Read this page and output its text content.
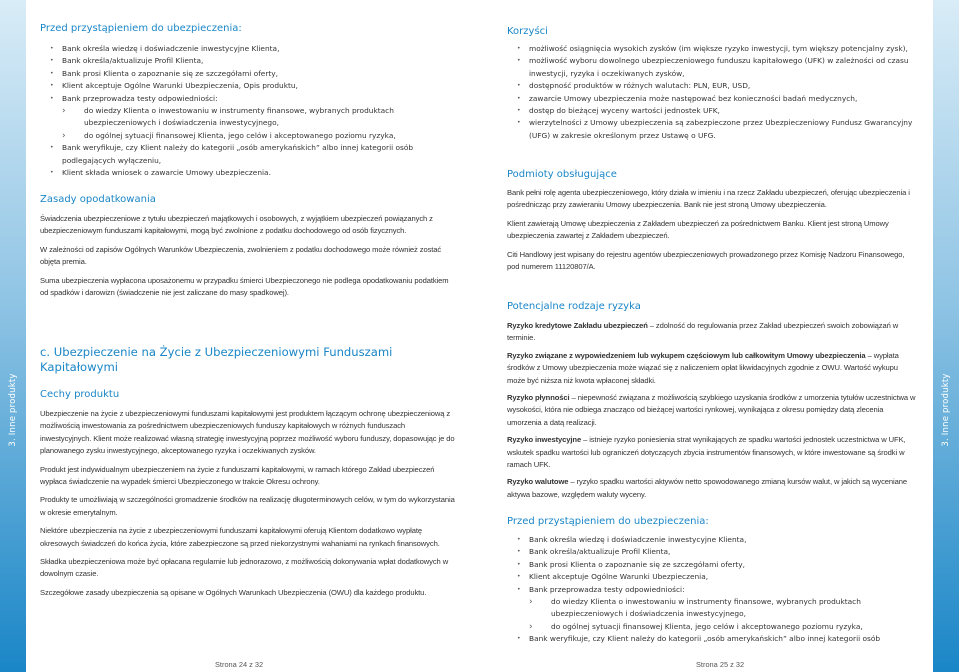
3. Inne produkty
Przed przystąpieniem do ubezpieczenia:
• Bank określa wiedzę i doświadczenie inwestycyjne Klienta,
• Bank określa/aktualizuje Profil Klienta,
• Bank prosi Klienta o zapoznanie się ze szczegółami oferty,
• Klient akceptuje Ogólne Warunki Ubezpieczenia, Opis produktu,
• Bank przeprowadza testy odpowiedniości:
› do wiedzy Klienta o inwestowaniu w instrumenty finansowe, wybranych produktach ubezpieczeniowych i doświadczenia inwestycyjnego,
› do ogólnej sytuacji finansowej Klienta, jego celów i akceptowanego poziomu ryzyka,
• Bank weryfikuje, czy Klient należy do kategorii „osób amerykańskich” albo innej kategorii osób podlegających wyłączeniu,
• Klient składa wniosek o zawarcie Umowy ubezpieczenia.
Zasady opodatkowania

Świadczenia ubezpieczeniowe z tytułu ubezpieczeń majątkowych i osobowych, z wyjątkiem ubezpieczeń powiązanych z ubezpieczeniowym funduszami kapitałowymi, mogą być zwolnione z podatku dochodowego od osób fizycznych.

W zależności od zapisów Ogólnych Warunków Ubezpieczenia, zwolnieniem z podatku dochodowego może również zostać objęta premia.

Suma ubezpieczenia wypłacona uposażonemu w przypadku śmierci Ubezpieczonego nie podlega opodatkowaniu podatkiem od spadków i darowizn (świadczenie nie jest zaliczane do masy spadkowej).

c. Ubezpieczenie na Życie z Ubezpieczeniowymi Funduszami Kapitałowymi
Cechy produktu

Ubezpieczenie na życie z ubezpieczeniowymi funduszami kapitałowymi jest produktem łączącym ochronę ubezpieczeniową z możliwością inwestowania za pośrednictwem ubezpieczeniowych funduszy kapitałowych w różnych funduszach inwestycyjnych. Klient może realizować własną strategię inwestycyjną poprzez możliwość wyboru funduszy, dopasowując je do planowanego zysku inwestycyjnego, akceptowanego ryzyka i oczekiwanych zysków.

Produkt jest indywidualnym ubezpieczeniem na życie z funduszami kapitałowymi, w ramach którego Zakład ubezpieczeń wypłaca świadczenie na wypadek śmierci Ubezpieczonego w trakcie Okresu ochrony.

Produkty te umożliwiają w szczególności gromadzenie środków na realizację długoterminowych celów, w tym do wykorzystania w okresie emerytalnym.

Niektóre ubezpieczenia na życie z ubezpieczeniowymi funduszami kapitałowymi oferują Klientom dodatkowo wypłatę okresowych świadczeń do końca życia, które zabezpieczone są przed niekorzystnymi wahaniami na rynkach finansowych.

Składka ubezpieczeniowa może być opłacana regularnie lub jednorazowo, z możliwością dokonywania wpłat dodatkowych w dowolnym czasie.

Szczegółowe zasady ubezpieczenia są opisane w Ogólnych Warunkach Ubezpieczenia (OWU) dla każdego produktu.

Strona 24 z 32
3. Inne produkty
Korzyści
• możliwość osiągnięcia wysokich zysków (im większe ryzyko inwestycji, tym większy potencjalny zysk),
• możliwość wyboru dowolnego ubezpieczeniowego funduszu kapitałowego (UFK) w zależności od czasu inwestycji, ryzyka i oczekiwanych zysków,
• dostępność produktów w różnych walutach: PLN, EUR, USD,
• zawarcie Umowy ubezpieczenia może następować bez konieczności badań medycznych,
• dostęp do bieżącej wyceny wartości jednostek UFK,
• wierzytelności z Umowy ubezpieczenia są zabezpieczone przez Ubezpieczeniowy Fundusz Gwarancyjny (UFG) w zakresie określonym przez Ustawę o UFG.
Podmioty obsługujące

Bank pełni rolę agenta ubezpieczeniowego, który działa w imieniu i na rzecz Zakładu ubezpieczeń, oferując ubezpieczenia i pośrednicząc przy zawieraniu Umowy ubezpieczenia. Bank nie jest stroną Umowy ubezpieczenia.

Klient zawierają Umowę ubezpieczenia z Zakładem ubezpieczeń za pośrednictwem Banku. Klient jest stroną Umowy ubezpieczenia zawartej z Zakładem ubezpieczeń.

Citi Handlowy jest wpisany do rejestru agentów ubezpieczeniowych prowadzonego przez Komisję Nadzoru Finansowego, pod numerem 11120807/A.

Potencjalne rodzaje ryzyka

Ryzyko kredytowe Zakładu ubezpieczeń – zdolność do regulowania przez Zakład ubezpieczeń swoich zobowiązań w terminie.

Ryzyko związane z wypowiedzeniem lub wykupem częściowym lub całkowitym Umowy ubezpieczenia – wypłata środków z Umowy ubezpieczenia może wiązać się z naliczeniem opłat likwidacyjnych zgodnie z OWU. Wartość wykupu może być niższa niż kwota wpłaconej składki.

Ryzyko płynności – niepewność związana z możliwością szybkiego uzyskania środków z umorzenia tytułów uczestnictwa w wysokości, która nie odbiega znacząco od bieżącej wartości rynkowej, wynikająca z okresu pomiędzy datą zlecenia umorzenia a datą realizacji.

Ryzyko inwestycyjne – istnieje ryzyko poniesienia strat wynikających ze spadku wartości jednostek uczestnictwa w UFK, wskutek spadku wartości lub ograniczeń dotyczących zbycia instrumentów finansowych, w które inwestowane są środki w ramach UFK.

Ryzyko walutowe – ryzyko spadku wartości aktywów netto spowodowanego zmianą kursów walut, w jakich są wyceniane aktywa bazowe, względem waluty wyceny.

Przed przystąpieniem do ubezpieczenia:
• Bank określa wiedzę i doświadczenie inwestycyjne Klienta,
• Bank określa/aktualizuje Profil Klienta,
• Bank prosi Klienta o zapoznanie się ze szczegółami oferty,
• Klient akceptuje Ogólne Warunki Ubezpieczenia,
• Bank przeprowadza testy odpowiedniości:
› do wiedzy Klienta o inwestowaniu w instrumenty finansowe, wybranych produktach ubezpieczeniowych i doświadczenia inwestycyjnego,
› do ogólnej sytuacji finansowej Klienta, jego celów i akceptowanego poziomu ryzyka,
• Bank weryfikuje, czy Klient należy do kategorii „osób amerykańskich” albo innej kategorii osób
Strona 25 z 32
